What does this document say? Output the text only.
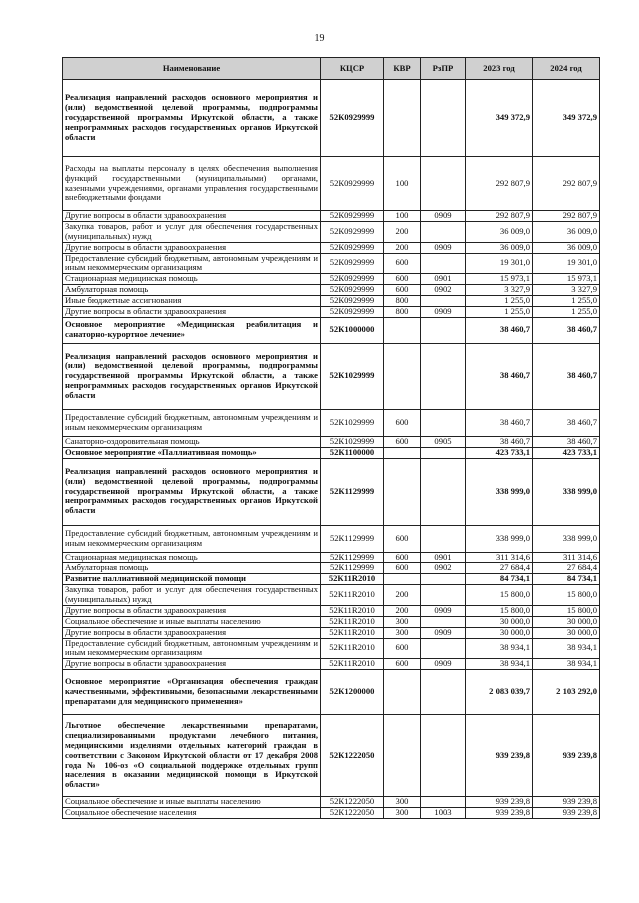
19
Наименование	КЦСР	КВР	РзПР	2023 год	2024 год
Реализация направлений расходов основного мероприятия и (или) ведомственной целевой программы, подпрограммы государственной программы Иркутской области, а также непрограммных расходов государственных органов Иркутской области	52К0929999			349 372,9	349 372,9
Расходы на выплаты персоналу в целях обеспечения выполнения функций государственными (муниципальными) органами, казенными учреждениями, органами управления государственными внебюджетными фондами	52К0929999	100		292 807,9	292 807,9
Другие вопросы в области здравоохранения	52К0929999	100	0909	292 807,9	292 807,9
Закупка товаров, работ и услуг для обеспечения государственных (муниципальных) нужд	52К0929999	200		36 009,0	36 009,0
Другие вопросы в области здравоохранения	52К0929999	200	0909	36 009,0	36 009,0
Предоставление субсидий бюджетным, автономным учреждениям и иным некоммерческим организациям	52К0929999	600		19 301,0	19 301,0
Стационарная медицинская помощь	52К0929999	600	0901	15 973,1	15 973,1
Амбулаторная помощь	52К0929999	600	0902	3 327,9	3 327,9
Иные бюджетные ассигнования	52К0929999	800		1 255,0	1 255,0
Другие вопросы в области здравоохранения	52К0929999	800	0909	1 255,0	1 255,0
Основное мероприятие «Медицинская реабилитация и санаторно-курортное лечение»	52К1000000			38 460,7	38 460,7
Реализация направлений расходов основного мероприятия и (или) ведомственной целевой программы, подпрограммы государственной программы Иркутской области, а также непрограммных расходов государственных органов Иркутской области	52К1029999			38 460,7	38 460,7
Предоставление субсидий бюджетным, автономным учреждениям и иным некоммерческим организациям	52К1029999	600		38 460,7	38 460,7
Санаторно-оздоровительная помощь	52К1029999	600	0905	38 460,7	38 460,7
Основное мероприятие «Паллиативная помощь»	52К1100000			423 733,1	423 733,1
Реализация направлений расходов основного мероприятия и (или) ведомственной целевой программы, подпрограммы государственной программы Иркутской области, а также непрограммных расходов государственных органов Иркутской области	52К1129999			338 999,0	338 999,0
Предоставление субсидий бюджетным, автономным учреждениям и иным некоммерческим организациям	52К1129999	600		338 999,0	338 999,0
Стационарная медицинская помощь	52К1129999	600	0901	311 314,6	311 314,6
Амбулаторная помощь	52К1129999	600	0902	27 684,4	27 684,4
Развитие паллиативной медицинской помощи	52К11R2010			84 734,1	84 734,1
Закупка товаров, работ и услуг для обеспечения государственных (муниципальных) нужд	52К11R2010	200		15 800,0	15 800,0
Другие вопросы в области здравоохранения	52К11R2010	200	0909	15 800,0	15 800,0
Социальное обеспечение и иные выплаты населению	52К11R2010	300		30 000,0	30 000,0
Другие вопросы в области здравоохранения	52К11R2010	300	0909	30 000,0	30 000,0
Предоставление субсидий бюджетным, автономным учреждениям и иным некоммерческим организациям	52К11R2010	600		38 934,1	38 934,1
Другие вопросы в области здравоохранения	52К11R2010	600	0909	38 934,1	38 934,1
Основное мероприятие «Организация обеспечения граждан качественными, эффективными, безопасными лекарственными препаратами для медицинского применения»	52К1200000			2 083 039,7	2 103 292,0
Льготное обеспечение лекарственными препаратами, специализированными продуктами лечебного питания, медицинскими изделиями отдельных категорий граждан в соответствии с Законом Иркутской области от 17 декабря 2008 года № 106-оз «О социальной поддержке отдельных групп населения в оказании медицинской помощи в Иркутской области»	52К1222050			939 239,8	939 239,8
Социальное обеспечение и иные выплаты населению	52К1222050	300		939 239,8	939 239,8
Социальное обеспечение населения	52К1222050	300	1003	939 239,8	939 239,8
